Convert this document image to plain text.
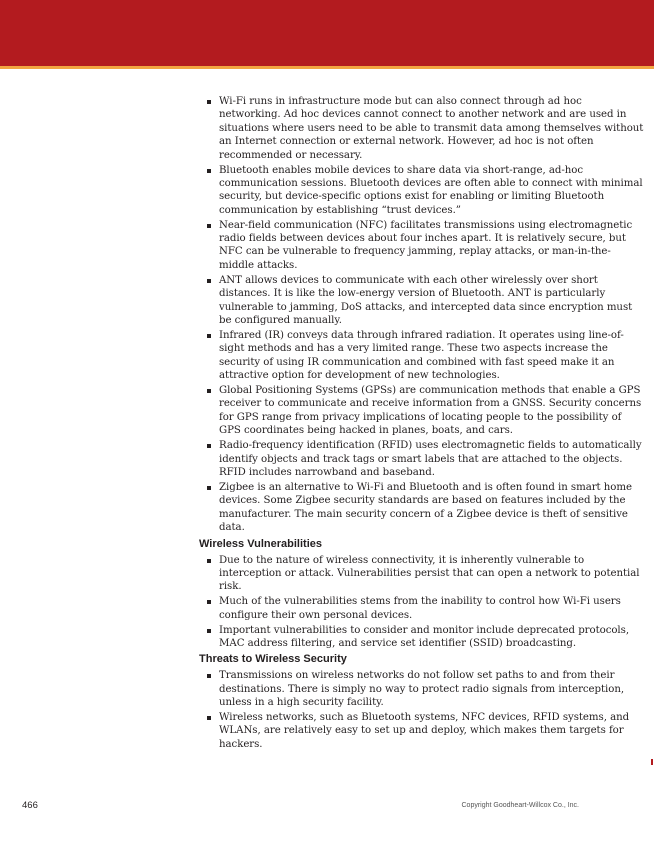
Wi-Fi runs in infrastructure mode but can also connect through ad hoc networking. Ad hoc devices cannot connect to another network and are used in situations where users need to be able to transmit data among themselves without an Internet connection or external network. However, ad hoc is not often recommended or necessary.
Bluetooth enables mobile devices to share data via short-range, ad-hoc communication sessions. Bluetooth devices are often able to connect with minimal security, but device-specific options exist for enabling or limiting Bluetooth communication by establishing “trust devices.”
Near-field communication (NFC) facilitates transmissions using electromagnetic radio fields between devices about four inches apart. It is relatively secure, but NFC can be vulnerable to frequency jamming, replay attacks, or man-in-the-middle attacks.
ANT allows devices to communicate with each other wirelessly over short distances. It is like the low-energy version of Bluetooth. ANT is particularly vulnerable to jamming, DoS attacks, and intercepted data since encryption must be configured manually.
Infrared (IR) conveys data through infrared radiation. It operates using line-of-sight methods and has a very limited range. These two aspects increase the security of using IR communication and combined with fast speed make it an attractive option for development of new technologies.
Global Positioning Systems (GPSs) are communication methods that enable a GPS receiver to communicate and receive information from a GNSS. Security concerns for GPS range from privacy implications of locating people to the possibility of GPS coordinates being hacked in planes, boats, and cars.
Radio-frequency identification (RFID) uses electromagnetic fields to automatically identify objects and track tags or smart labels that are attached to the objects. RFID includes narrowband and baseband.
Zigbee is an alternative to Wi-Fi and Bluetooth and is often found in smart home devices. Some Zigbee security standards are based on features included by the manufacturer. The main security concern of a Zigbee device is theft of sensitive data.
Wireless Vulnerabilities
Due to the nature of wireless connectivity, it is inherently vulnerable to interception or attack. Vulnerabilities persist that can open a network to potential risk.
Much of the vulnerabilities stems from the inability to control how Wi-Fi users configure their own personal devices.
Important vulnerabilities to consider and monitor include deprecated protocols, MAC address filtering, and service set identifier (SSID) broadcasting.
Threats to Wireless Security
Transmissions on wireless networks do not follow set paths to and from their destinations. There is simply no way to protect radio signals from interception, unless in a high security facility.
Wireless networks, such as Bluetooth systems, NFC devices, RFID systems, and WLANs, are relatively easy to set up and deploy, which makes them targets for hackers.
466	Copyright Goodheart-Willcox Co., Inc.
